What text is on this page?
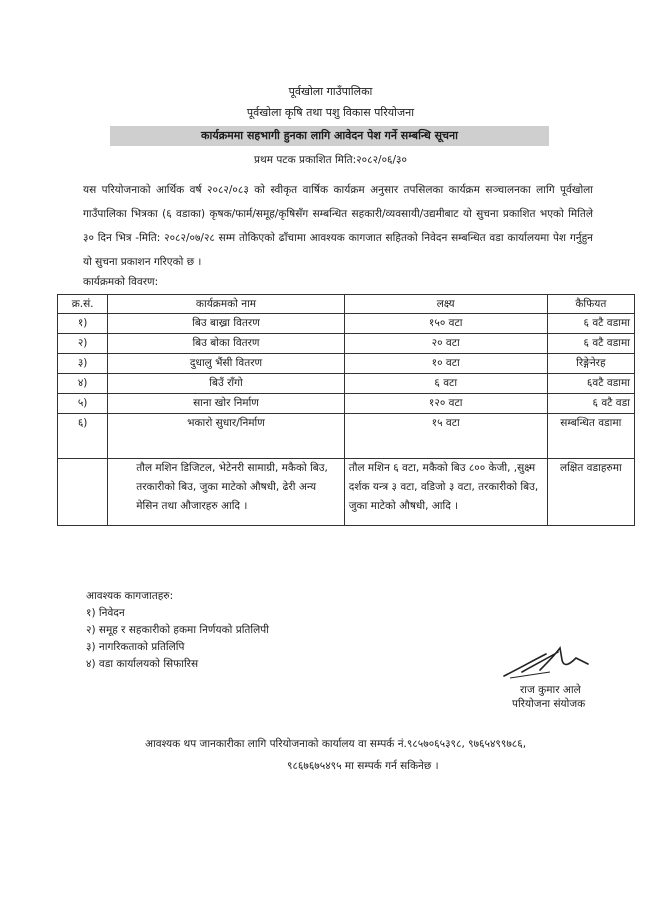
पूर्वखोला गाउँपालिका
पूर्वखोला कृषि तथा पशु विकास परियोजना
कार्यक्रममा सहभागी हुनका लागि आवेदन पेश गर्ने सम्बन्धि सूचना
प्रथम पटक प्रकाशित मिति:२०८२/०६/३०
यस परियोजनाको आर्थिक वर्ष २०८२/०८३ को स्वीकृत वार्षिक कार्यक्रम अनुसार तपसिलका कार्यक्रम सञ्चालनका लागि पूर्वखोला गाउँपालिका भित्रका (६ वडाका) कृषक/फार्म/समूह/कृषिसँग सम्बन्धित सहकारी/व्यवसायी/उद्यमीबाट यो सुचना प्रकाशित भएको मितिले ३० दिन भित्र -मिति: २०८२/०७/२८ सम्म तोकिएको ढाँचामा आवश्यक कागजात सहितको निवेदन सम्बन्धित वडा कार्यालयमा पेश गर्नुहुन यो सुचना प्रकाशन गरिएको छ ।
कार्यक्रमको विवरण:
क्र.सं.	कार्यक्रमको नाम	लक्ष्य	कैफियत
१)	बिउ बाख्रा वितरण	१५० वटा	६ वटै वडामा
२)	बिउ बोका वितरण	२० वटा	६ वटै वडामा
३)	दुधालु भैंसी वितरण	१० वटा	रिङ्गेनेरह
४)	बिउँ राँगो	६ वटा	६वटै वडामा
५)	साना खोर निर्माण	१२० वटा	६ वटै वडा
६)	भकारो सुधार/निर्माण	१५ वटा	सम्बन्धित वडामा
	तौल मशिन डिजिटल, भेटेनरी सामाग्री, मकैको बिउ, तरकारीको बिउ, जुका माटेको औषधी, ढेरी अन्य मेसिन तथा औजारहरु आदि ।	तौल मशिन ६ वटा, मकैको बिउ ८०० केजी, ,सुक्ष्म दर्शक यन्त्र ३ वटा, वडिजो ३ वटा, तरकारीको बिउ, जुका माटेको औषधी, आदि ।	लक्षित वडाहरुमा
आवश्यक कागजातहरु:
१) निवेदन
२) समूह र सहकारीको हकमा निर्णयको प्रतिलिपी
३) नागरिकताको प्रतिलिपि
४) वडा कार्यालयको सिफारिस
राज कुमार आले
परियोजना संयोजक
आवश्यक थप जानकारीका लागि परियोजनाको कार्यालय वा सम्पर्क नं.९८५७०६५३९८, ९७६५४९९७८६,
९८६७६७५४९५ मा सम्पर्क गर्न सकिनेछ ।
